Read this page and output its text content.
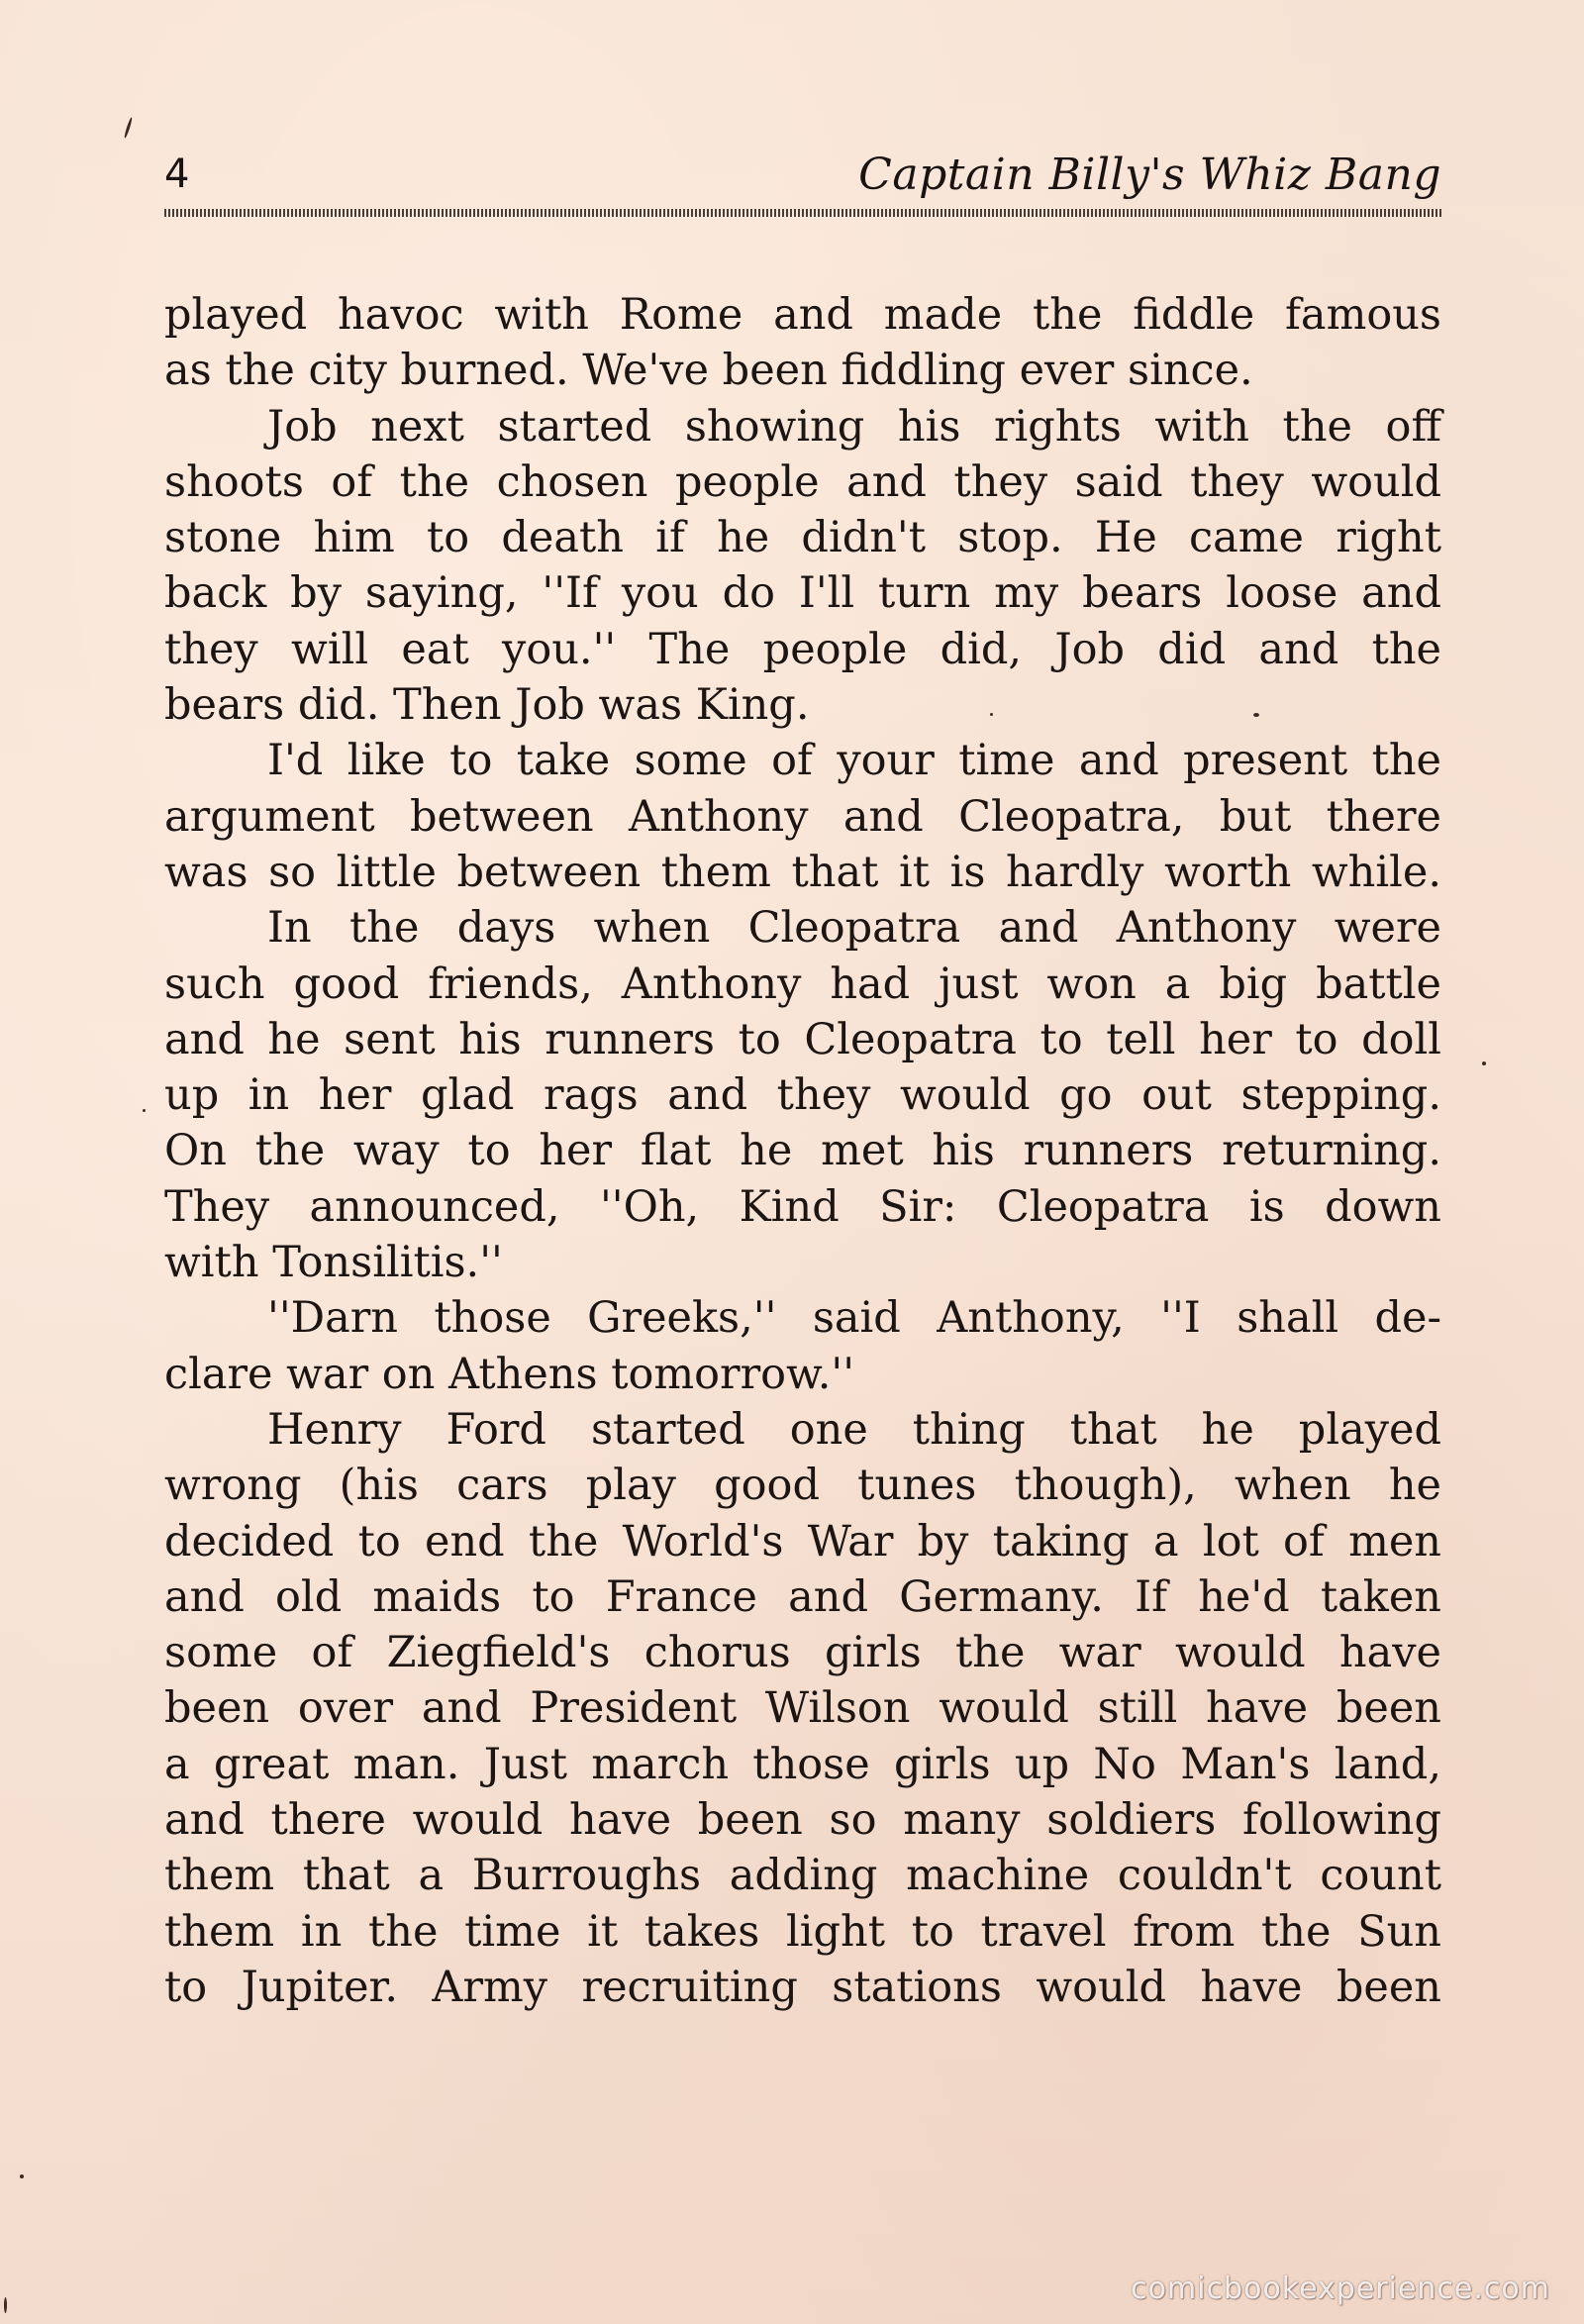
4	Captain Billy's Whiz Bang
played havoc with Rome and made the fiddle famous
as the city burned. We've been fiddling ever since.
Job next started showing his rights with the off
shoots of the chosen people and they said they would
stone him to death if he didn't stop. He came right
back by saying, ''If you do I'll turn my bears loose and
they will eat you.'' The people did, Job did and the
bears did. Then Job was King.
I'd like to take some of your time and present the
argument between Anthony and Cleopatra, but there
was so little between them that it is hardly worth while.
In the days when Cleopatra and Anthony were
such good friends, Anthony had just won a big battle
and he sent his runners to Cleopatra to tell her to doll
up in her glad rags and they would go out stepping.
On the way to her flat he met his runners returning.
They announced, ''Oh, Kind Sir: Cleopatra is down
with Tonsilitis.''
''Darn those Greeks,'' said Anthony, ''I shall de-
clare war on Athens tomorrow.''
Henry Ford started one thing that he played
wrong (his cars play good tunes though), when he
decided to end the World's War by taking a lot of men
and old maids to France and Germany. If he'd taken
some of Ziegfield's chorus girls the war would have
been over and President Wilson would still have been
a great man. Just march those girls up No Man's land,
and there would have been so many soldiers following
them that a Burroughs adding machine couldn't count
them in the time it takes light to travel from the Sun
to Jupiter. Army recruiting stations would have been
comicbookexperience.com
